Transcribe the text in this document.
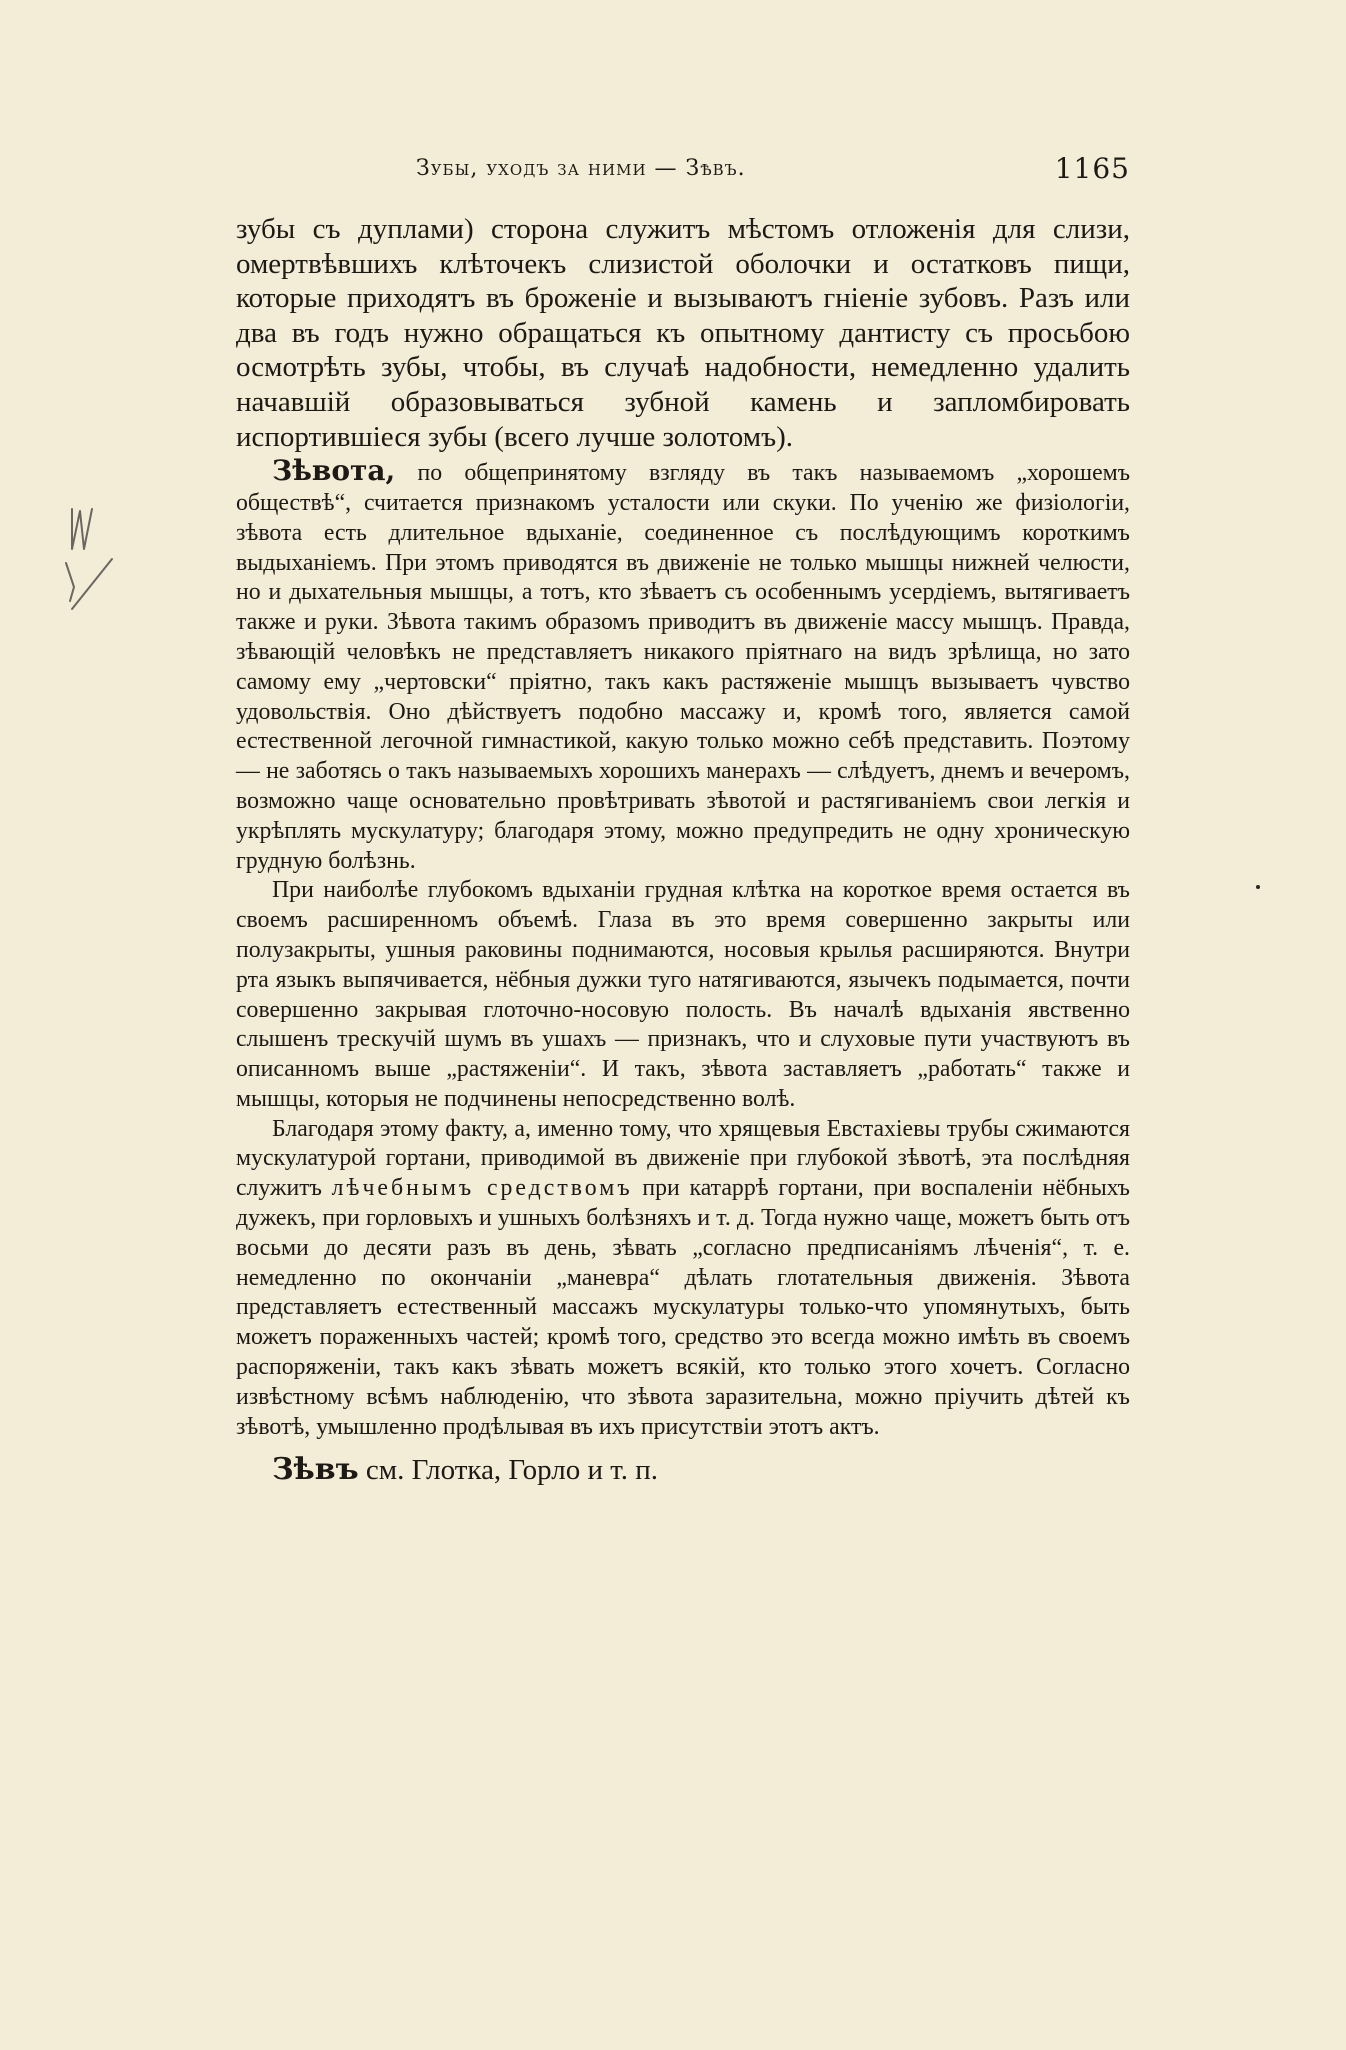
Зубы, уходъ за ними — Зѣвъ.	1165

зубы съ дуплами) сторона служитъ мѣстомъ отложенія для слизи, омертвѣвшихъ клѣточекъ слизистой оболочки и остатковъ пищи, которые приходятъ въ броженіе и вызываютъ гніеніе зубовъ. Разъ или два въ годъ нужно обращаться къ опытному дантисту съ просьбою осмотрѣть зубы, чтобы, въ случаѣ надобности, немедленно удалить начавшій образовываться зубной камень и запломбировать испортившіеся зубы (всего лучше золотомъ).

Зѣвота, по общепринятому взгляду въ такъ называемомъ „хорошемъ обществѣ“, считается признакомъ усталости или скуки. По ученію же физіологіи, зѣвота есть длительное вдыханіе, соединенное съ послѣдующимъ короткимъ выдыханіемъ. При этомъ приводятся въ движеніе не только мышцы нижней челюсти, но и дыхательныя мышцы, а тотъ, кто зѣваетъ съ особеннымъ усердіемъ, вытягиваетъ также и руки. Зѣвота такимъ образомъ приводитъ въ движеніе массу мышцъ. Правда, зѣвающій человѣкъ не представляетъ никакого пріятнаго на видъ зрѣлища, но зато самому ему „чертовски“ пріятно, такъ какъ растяженіе мышцъ вызываетъ чувство удовольствія. Оно дѣйствуетъ подобно массажу и, кромѣ того, является самой естественной легочной гимнастикой, какую только можно себѣ представить. Поэтому — не заботясь о такъ называемыхъ хорошихъ манерахъ — слѣдуетъ, днемъ и вечеромъ, возможно чаще основательно провѣтривать зѣвотой и растягиваніемъ свои легкія и укрѣплять мускулатуру; благодаря этому, можно предупредить не одну хроническую грудную болѣзнь.

При наиболѣе глубокомъ вдыханіи грудная клѣтка на короткое время остается въ своемъ расширенномъ объемѣ. Глаза въ это время совершенно закрыты или полузакрыты, ушныя раковины поднимаются, носовыя крылья расширяются. Внутри рта языкъ выпячивается, нёбныя дужки туго натягиваются, язычекъ подымается, почти совершенно закрывая глоточно-носовую полость. Въ началѣ вдыханія явственно слышенъ трескучій шумъ въ ушахъ — признакъ, что и слуховые пути участвуютъ въ описанномъ выше „растяженіи“. И такъ, зѣвота заставляетъ „работать“ также и мышцы, которыя не подчинены непосредственно волѣ.

Благодаря этому факту, а, именно тому, что хрящевыя Евстахіевы трубы сжимаются мускулатурой гортани, приводимой въ движеніе при глубокой зѣвотѣ, эта послѣдняя служитъ лѣчебнымъ средствомъ при катаррѣ гортани, при воспаленіи нёбныхъ дужекъ, при горловыхъ и ушныхъ болѣзняхъ и т. д. Тогда нужно чаще, можетъ быть отъ восьми до десяти разъ въ день, зѣвать „согласно предписаніямъ лѣченія“, т. е. немедленно по окончаніи „маневра“ дѣлать глотательныя движенія. Зѣвота представляетъ естественный массажъ мускулатуры только-что упомянутыхъ, быть можетъ пораженныхъ частей; кромѣ того, средство это всегда можно имѣть въ своемъ распоряженіи, такъ какъ зѣвать можетъ всякій, кто только этого хочетъ. Согласно извѣстному всѣмъ наблюденію, что зѣвота заразительна, можно пріучить дѣтей къ зѣвотѣ, умышленно продѣлывая въ ихъ присутствіи этотъ актъ.

Зѣвъ см. Глотка, Горло и т. п.
